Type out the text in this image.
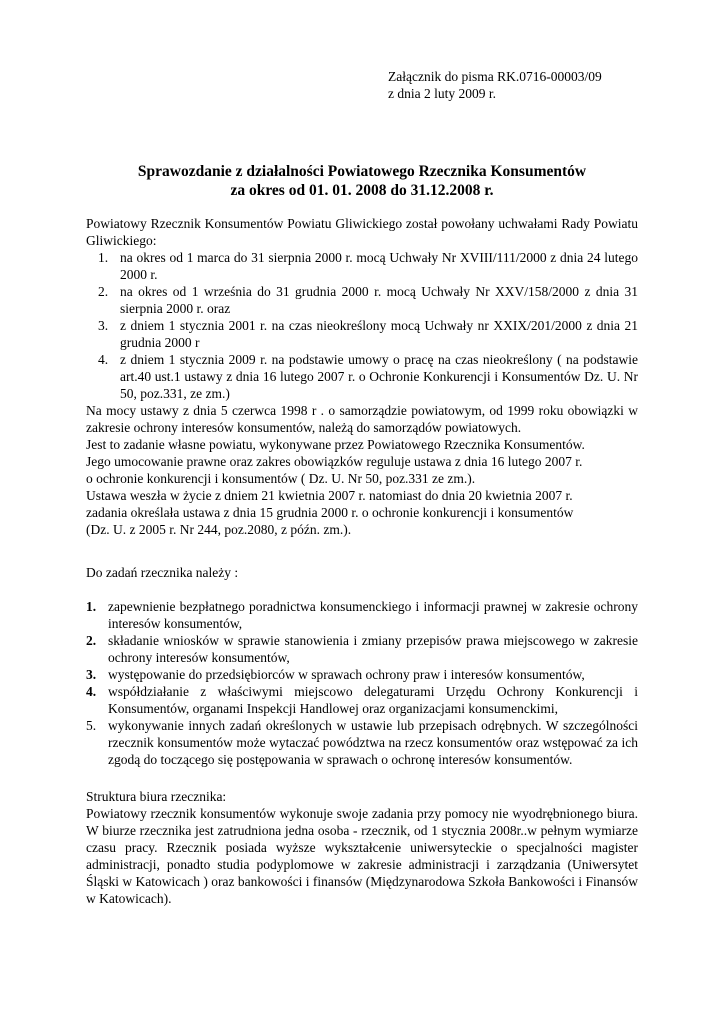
Załącznik do pisma RK.0716-00003/09
z dnia 2 luty 2009 r.
Sprawozdanie z działalności Powiatowego Rzecznika Konsumentów
za okres od 01. 01. 2008 do 31.12.2008 r.
Powiatowy Rzecznik Konsumentów Powiatu Gliwickiego został powołany uchwałami Rady Powiatu Gliwickiego:
1. na okres od 1 marca do 31 sierpnia 2000 r. mocą Uchwały Nr XVIII/111/2000 z dnia 24 lutego 2000 r.
2. na okres od 1 września do 31 grudnia 2000 r. mocą Uchwały Nr XXV/158/2000 z dnia 31 sierpnia 2000 r. oraz
3. z dniem 1 stycznia 2001 r. na czas nieokreślony mocą Uchwały nr XXIX/201/2000 z dnia 21 grudnia 2000 r
4. z dniem 1 stycznia 2009 r. na podstawie umowy o pracę na czas nieokreślony ( na podstawie art.40 ust.1 ustawy z dnia 16 lutego 2007 r. o Ochronie Konkurencji i Konsumentów Dz. U. Nr 50, poz.331, ze zm.)
Na mocy ustawy z dnia 5 czerwca 1998 r . o samorządzie powiatowym, od 1999 roku obowiązki w zakresie ochrony interesów konsumentów, należą do samorządów powiatowych.
Jest to zadanie własne powiatu, wykonywane przez Powiatowego Rzecznika Konsumentów.
Jego umocowanie prawne oraz zakres obowiązków reguluje ustawa z dnia 16 lutego 2007 r.
o ochronie konkurencji i konsumentów ( Dz. U. Nr 50, poz.331 ze zm.).
Ustawa weszła w życie z dniem 21 kwietnia 2007 r. natomiast do dnia 20 kwietnia 2007 r.
zadania określała ustawa z dnia 15 grudnia 2000 r. o ochronie konkurencji i konsumentów
(Dz. U. z 2005 r. Nr 244, poz.2080, z późn. zm.).
Do zadań rzecznika należy :
1. zapewnienie bezpłatnego poradnictwa konsumenckiego i informacji prawnej w zakresie ochrony interesów konsumentów,
2. składanie wniosków w sprawie stanowienia i zmiany przepisów prawa miejscowego w zakresie ochrony interesów konsumentów,
3. występowanie do przedsiębiorców w sprawach ochrony praw i interesów konsumentów,
4. współdziałanie z właściwymi miejscowo delegaturami Urzędu Ochrony Konkurencji i Konsumentów, organami Inspekcji Handlowej oraz organizacjami konsumenckimi,
5. wykonywanie innych zadań określonych w ustawie lub przepisach odrębnych. W szczególności rzecznik konsumentów może wytaczać powództwa na rzecz konsumentów oraz wstępować za ich zgodą do toczącego się postępowania w sprawach o ochronę interesów konsumentów.
Struktura biura rzecznika:
Powiatowy rzecznik konsumentów wykonuje swoje zadania przy pomocy nie wyodrębnionego biura. W biurze rzecznika jest zatrudniona jedna osoba - rzecznik, od 1 stycznia 2008r..w pełnym wymiarze czasu pracy. Rzecznik posiada wyższe wykształcenie uniwersyteckie o specjalności magister administracji, ponadto studia podyplomowe w zakresie administracji i zarządzania (Uniwersytet Śląski w Katowicach ) oraz bankowości i finansów (Międzynarodowa Szkoła Bankowości i Finansów w Katowicach).
